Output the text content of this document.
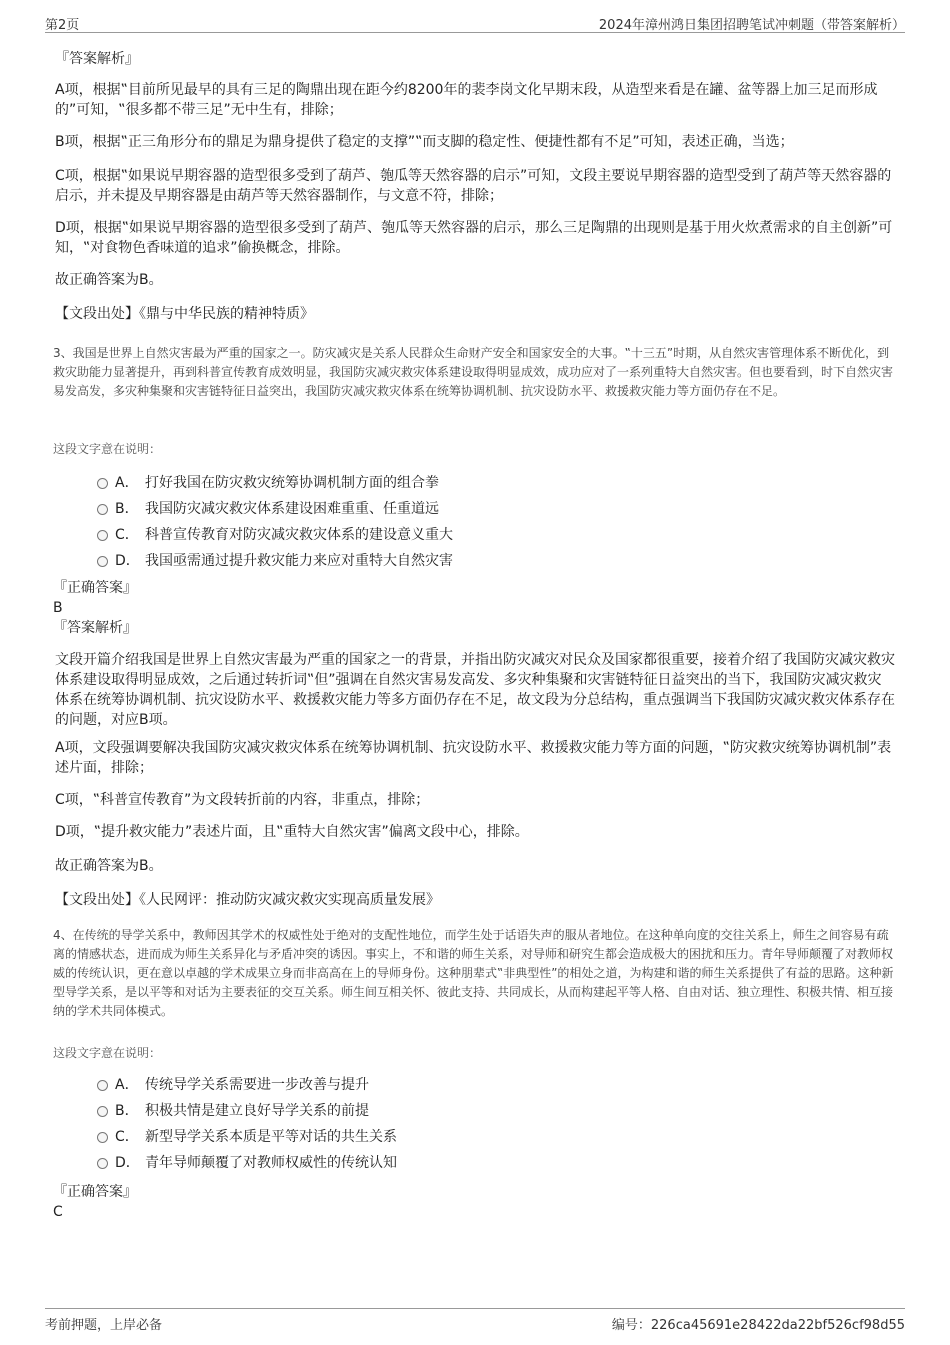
第2页	2024年漳州鸿日集团招聘笔试冲刺题（带答案解析）
『答案解析』

A项，根据‟目前所见最早的具有三足的陶鼎出现在距今约8200年的裴李岗文化早期末段，从造型来看是在罐、盆等器上加三足而形成的”可知，‟很多都不带三足”无中生有，排除；

B项，根据‟正三角形分布的鼎足为鼎身提供了稳定的支撑”‟而支脚的稳定性、便捷性都有不足”可知，表述正确，当选；

C项，根据‟如果说早期容器的造型很多受到了葫芦、匏瓜等天然容器的启示”可知，文段主要说早期容器的造型受到了葫芦等天然容器的启示，并未提及早期容器是由葫芦等天然容器制作，与文意不符，排除；

D项，根据‟如果说早期容器的造型很多受到了葫芦、匏瓜等天然容器的启示，那么三足陶鼎的出现则是基于用火炊煮需求的自主创新”可知，‟对食物色香味道的追求”偷换概念，排除。

故正确答案为B。

【文段出处】《鼎与中华民族的精神特质》

3、我国是世界上自然灾害最为严重的国家之一。防灾减灾是关系人民群众生命财产安全和国家安全的大事。‟十三五”时期，从自然灾害管理体系不断优化，到救灾助能力显著提升，再到科普宣传教育成效明显，我国防灾减灾救灾体系建设取得明显成效，成功应对了一系列重特大自然灾害。但也要看到，时下自然灾害易发高发，多灾种集聚和灾害链特征日益突出，我国防灾减灾救灾体系在统筹协调机制、抗灾设防水平、救援救灾能力等方面仍存在不足。

这段文字意在说明：
A． 打好我国在防灾救灾统筹协调机制方面的组合拳
B． 我国防灾减灾救灾体系建设困难重重、任重道远
C． 科普宣传教育对防灾减灾救灾体系的建设意义重大
D． 我国亟需通过提升救灾能力来应对重特大自然灾害
『正确答案』
B
『答案解析』

文段开篇介绍我国是世界上自然灾害最为严重的国家之一的背景，并指出防灾减灾对民众及国家都很重要，接着介绍了我国防灾减灾救灾体系建设取得明显成效，之后通过转折词‟但”强调在自然灾害易发高发、多灾种集聚和灾害链特征日益突出的当下，我国防灾减灾救灾体系在统筹协调机制、抗灾设防水平、救援救灾能力等多方面仍存在不足，故文段为分总结构，重点强调当下我国防灾减灾救灾体系存在的问题，对应B项。

A项，文段强调要解决我国防灾减灾救灾体系在统筹协调机制、抗灾设防水平、救援救灾能力等方面的问题，‟防灾救灾统筹协调机制”表述片面，排除；

C项，‟科普宣传教育”为文段转折前的内容，非重点，排除；

D项，‟提升救灾能力”表述片面，且‟重特大自然灾害”偏离文段中心，排除。

故正确答案为B。

【文段出处】《人民网评：推动防灾减灾救灾实现高质量发展》

4、在传统的导学关系中，教师因其学术的权威性处于绝对的支配性地位，而学生处于话语失声的服从者地位。在这种单向度的交往关系上，师生之间容易有疏离的情感状态，进而成为师生关系异化与矛盾冲突的诱因。事实上，不和谐的师生关系，对导师和研究生都会造成极大的困扰和压力。青年导师颠覆了对教师权威的传统认识，更在意以卓越的学术成果立身而非高高在上的导师身份。这种朋辈式‟非典型性”的相处之道，为构建和谐的师生关系提供了有益的思路。这种新型导学关系，是以平等和对话为主要表征的交互关系。师生间互相关怀、彼此支持、共同成长，从而构建起平等人格、自由对话、独立理性、积极共情、相互接纳的学术共同体模式。

这段文字意在说明：
A． 传统导学关系需要进一步改善与提升
B． 积极共情是建立良好导学关系的前提
C． 新型导学关系本质是平等对话的共生关系
D． 青年导师颠覆了对教师权威性的传统认知
『正确答案』
C
考前押题，上岸必备	编号：226ca45691e28422da22bf526cf98d55
